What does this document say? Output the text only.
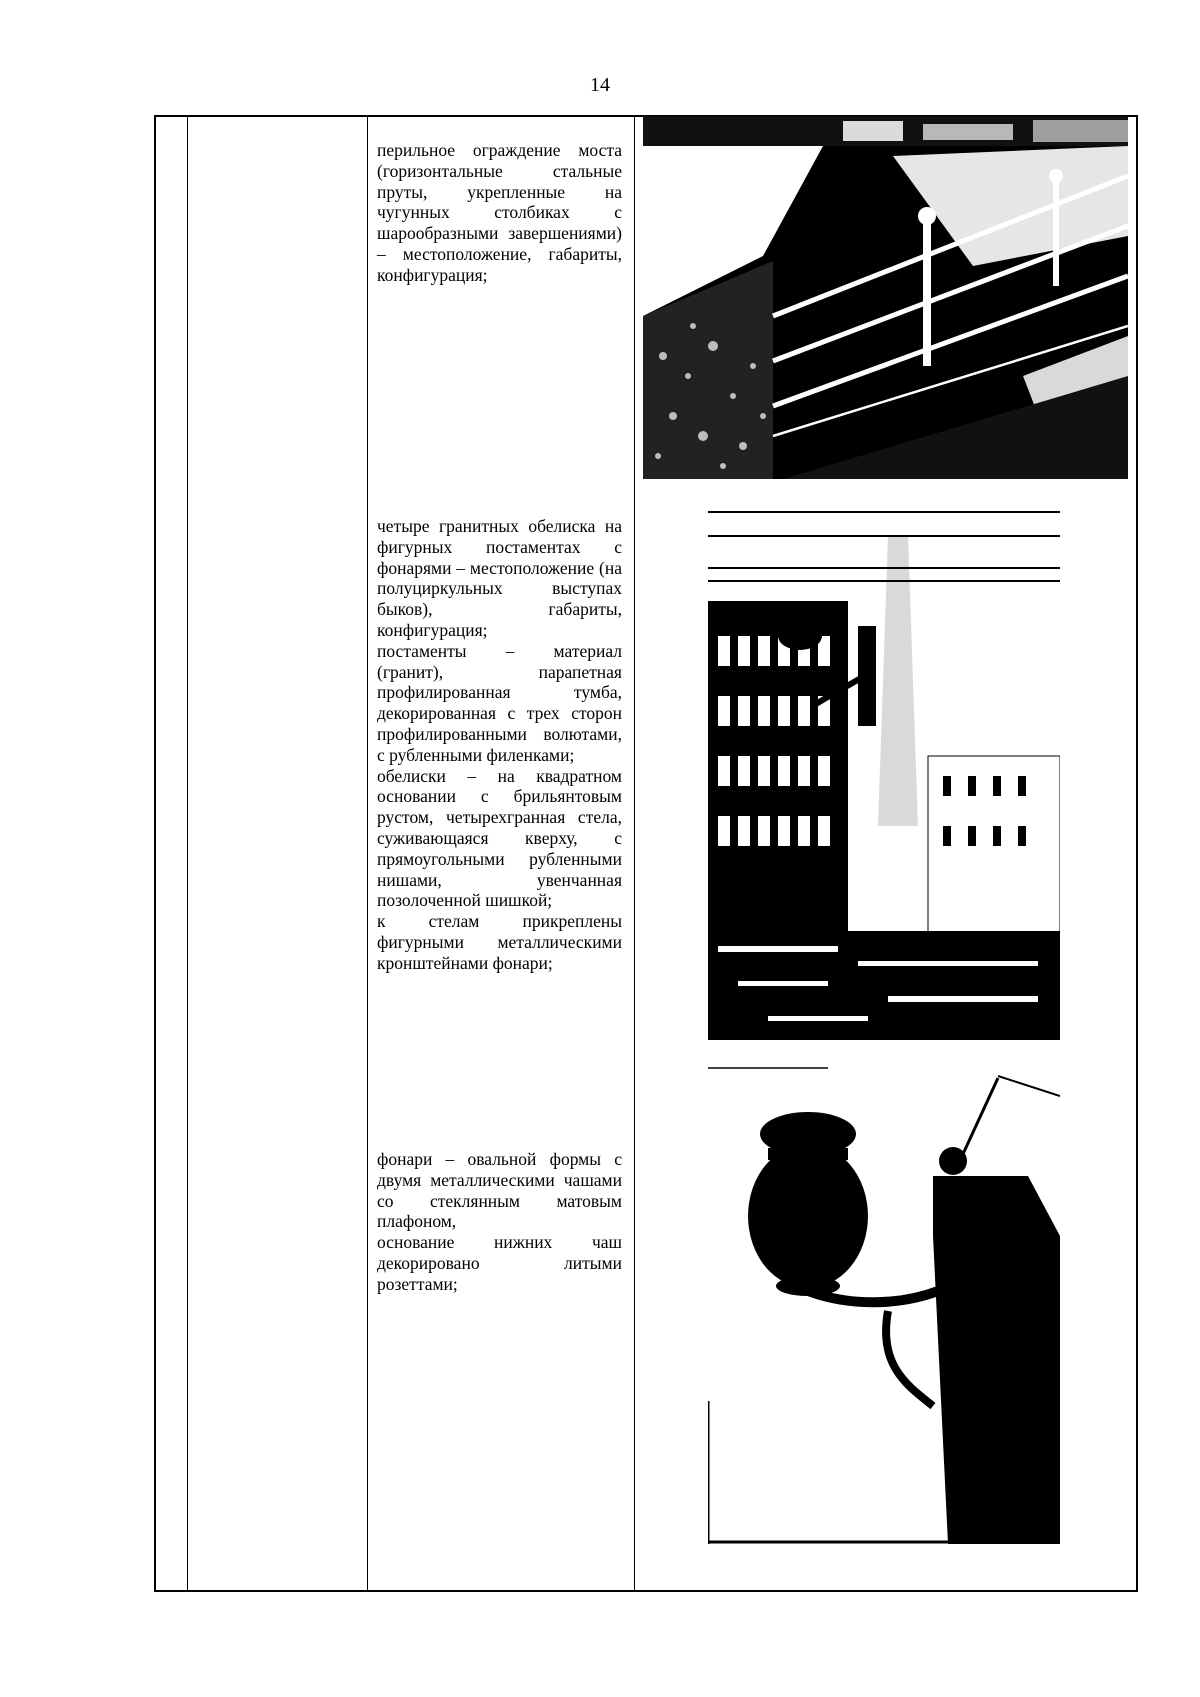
14

перильное ограждение моста (горизонтальные стальные пруты, укрепленные на чугунных столбиках с шарообразными завершениями) – местоположение, габариты, конфигурация;

четыре гранитных обелиска на фигурных постаментах с фонарями – местоположение (на полуциркульных выступах быков), габариты, конфигурация;

постаменты – материал (гранит), парапетная профилированная тумба, декорированная с трех сторон профилированными волютами, с рубленными филенками;

обелиски – на квадратном основании с брильянтовым рустом, четырехгранная стела, суживающаяся кверху, с прямоугольными рубленными нишами, увенчанная позолоченной шишкой;

к стелам прикреплены фигурными металлическими кронштейнами фонари;

фонари – овальной формы с двумя металлическими чашами со стеклянным матовым плафоном,

основание нижних чаш декорировано литыми розеттами;
